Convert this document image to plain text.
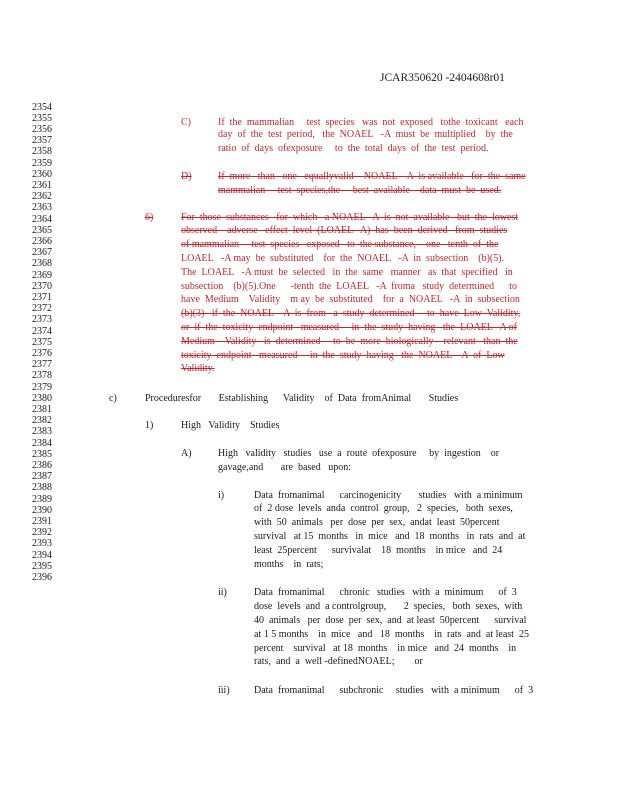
JCAR350620 -2404608r01
2354
2355
2356
2357
2358
2359
2360
2361
2362
2363
2364
2365
2366
2367
2368
2369
2370
2371
2372
2373
2374
2375
2376
2377
2378
2379
2380
2381
2382
2383
2384
2385
2386
2387
2388
2389
2390
2391
2392
2393
2394
2395
2396
C)	If  the  mammalian     test  species   was  not  exposed   tothe  toxicant   each
day  of  the  test  period,   the  NOAEL   -A  must  be  multiplied    by  the
ratio  of  days  ofexposure     to  the  total  days  of  the  test  period.
D)	If  more   than   one   equallyvalid    NOAEL    A  is available   for  the  same
mammalian     test  species,the     best  available    data  must  be  used.
6)	For  those  substances   for  which   a NOAEL   A  is  not  available   but  the  lowest
observed    adverse   effect  level  (LOAEL   A)  has  been  derived   from  studies
of mammalian     test  species   exposed   to  the substance,    one   tenth  of  the
LOAEL   -A may  be  substituted    for  the  NOAEL   -A  in  subsection    (b)(5).
The  LOAEL   -A must  be  selected   in  the  same   manner   as  that  specified   in
subsection    (b)(5).One      -tenth  the  LOAEL   -A  froma   study  determined      to
have  Medium    Validity    m ay  be  substituted    for  a  NOAEL   -A  in  subsection
(b)(3)   if  the  NOAEL    A  is  from   a  study  determined     to  have  Low  Validity,
or  if  the  toxicity  endpoint   measured     in  the  study  having   the  LOAEL   A of
Medium    Validity   is  determined     to  be  more  biologically    relevant   than  the
toxicity  endpoint   measured     in  the  study  having   the  NOAEL    A  of  Low
Validity.
c)	Proceduresfor       Establishing      Validity    of  Data  fromAnimal       Studies
1)	High   Validity    Studies
A)	High   validity   studies   use  a  route  ofexposure     by  ingestion    or
gavage,and       are  based   upon:
i)	Data  fromanimal      carcinogenicity       studies   with  a minimum
of  2 dose  levels  anda  control  group,   2  species,   both  sexes,
with  50  animals   per  dose  per  sex,  andat  least  50percent
survival   at 15  months   in  mice   and  18  months   in  rats  and  at
least  25percent      survivalat    18  months    in mice   and  24
months    in  rats;
ii)	Data  fromanimal      chronic   studies   with  a  minimum      of  3
dose  levels  and  a controlgroup,       2  species,   both  sexes,  with
40  animals   per  dose  per  sex,  and  at least  50percent      survival
at 1 5 months    in  mice   and   18  months    in  rats  and  at least  25
percent    survival   at 18  months    in mice   and  24  months    in
rats,  and  a  well -definedNOAEL;        or
iii) Data  fromanimal      subchronic     studies   with  a minimum      of  3
